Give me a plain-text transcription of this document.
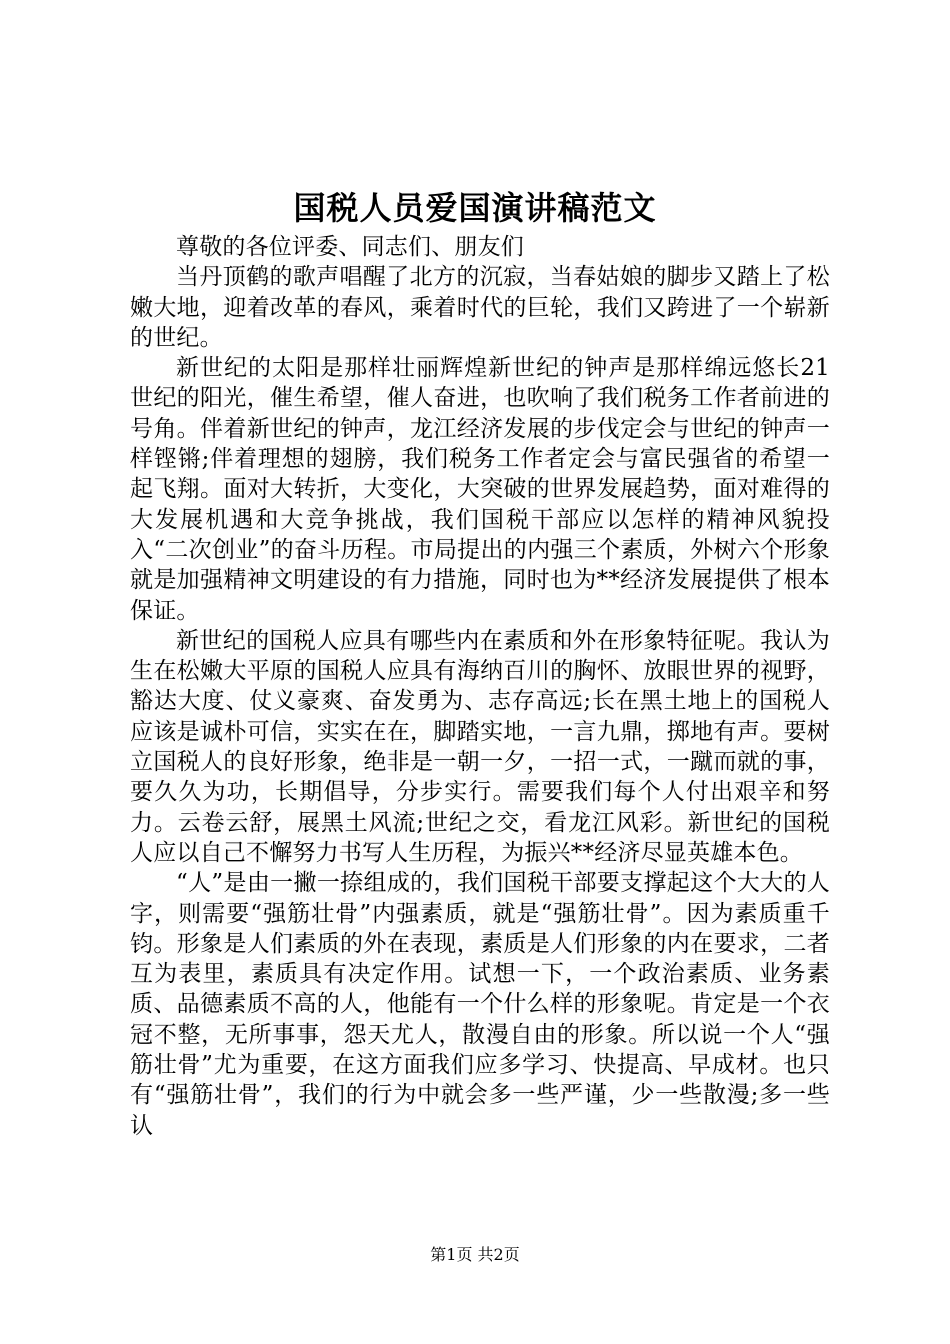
国税人员爱国演讲稿范文

尊敬的各位评委、同志们、朋友们

当丹顶鹤的歌声唱醒了北方的沉寂，当春姑娘的脚步又踏上了松嫩大地，迎着改革的春风，乘着时代的巨轮，我们又跨进了一个崭新的世纪。

新世纪的太阳是那样壮丽辉煌新世纪的钟声是那样绵远悠长21世纪的阳光，催生希望，催人奋进，也吹响了我们税务工作者前进的号角。伴着新世纪的钟声，龙江经济发展的步伐定会与世纪的钟声一样铿锵;伴着理想的翅膀，我们税务工作者定会与富民强省的希望一起飞翔。面对大转折，大变化，大突破的世界发展趋势，面对难得的大发展机遇和大竞争挑战，我们国税干部应以怎样的精神风貌投入“二次创业”的奋斗历程。市局提出的内强三个素质，外树六个形象就是加强精神文明建设的有力措施，同时也为**经济发展提供了根本保证。

新世纪的国税人应具有哪些内在素质和外在形象特征呢。我认为生在松嫩大平原的国税人应具有海纳百川的胸怀、放眼世界的视野，豁达大度、仗义豪爽、奋发勇为、志存高远;长在黑土地上的国税人应该是诚朴可信，实实在在，脚踏实地，一言九鼎，掷地有声。要树立国税人的良好形象，绝非是一朝一夕，一招一式，一蹴而就的事，要久久为功，长期倡导，分步实行。需要我们每个人付出艰辛和努力。云卷云舒，展黑土风流;世纪之交，看龙江风彩。新世纪的国税人应以自己不懈努力书写人生历程，为振兴**经济尽显英雄本色。

“人”是由一撇一捺组成的，我们国税干部要支撑起这个大大的人字，则需要“强筋壮骨”内强素质，就是“强筋壮骨”。因为素质重千钧。形象是人们素质的外在表现，素质是人们形象的内在要求，二者互为表里，素质具有决定作用。试想一下，一个政治素质、业务素质、品德素质不高的人，他能有一个什么样的形象呢。肯定是一个衣冠不整，无所事事，怨天尤人，散漫自由的形象。所以说一个人“强筋壮骨”尤为重要，在这方面我们应多学习、快提高、早成材。也只有“强筋壮骨”，我们的行为中就会多一些严谨，少一些散漫;多一些认

第1页 共2页
